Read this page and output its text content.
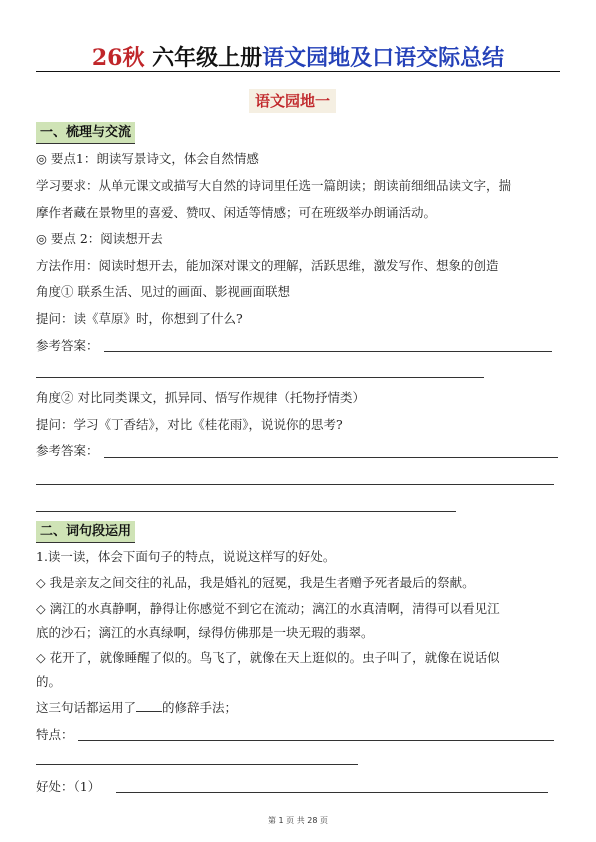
26秋 六年级上册语文园地及口语交际总结
语文园地一
一、梳理与交流
◎ 要点1：朗读写景诗文，体会自然情感
学习要求：从单元课文或描写大自然的诗词里任选一篇朗读；朗读前细细品读文字，揣
摩作者藏在景物里的喜爱、赞叹、闲适等情感；可在班级举办朗诵活动。
◎ 要点 2：阅读想开去
方法作用：阅读时想开去，能加深对课文的理解，活跃思维，激发写作、想象的创造
角度① 联系生活、见过的画面、影视画面联想
提问：读《草原》时，你想到了什么?
参考答案：
角度② 对比同类课文，抓异同、悟写作规律（托物抒情类）
提问：学习《丁香结》，对比《桂花雨》，说说你的思考?
参考答案：
二、词句段运用
1.读一读，体会下面句子的特点，说说这样写的好处。
◇ 我是亲友之间交往的礼品，我是婚礼的冠冕，我是生者赠予死者最后的祭献。
◇ 漓江的水真静啊，静得让你感觉不到它在流动；漓江的水真清啊，清得可以看见江
底的沙石；漓江的水真绿啊，绿得仿佛那是一块无瑕的翡翠。
◇ 花开了，就像睡醒了似的。鸟飞了，就像在天上逛似的。虫子叫了，就像在说话似
的。
这三句话都运用了 的修辞手法；
特点：
好处：（1）
第 1 页 共 28 页
